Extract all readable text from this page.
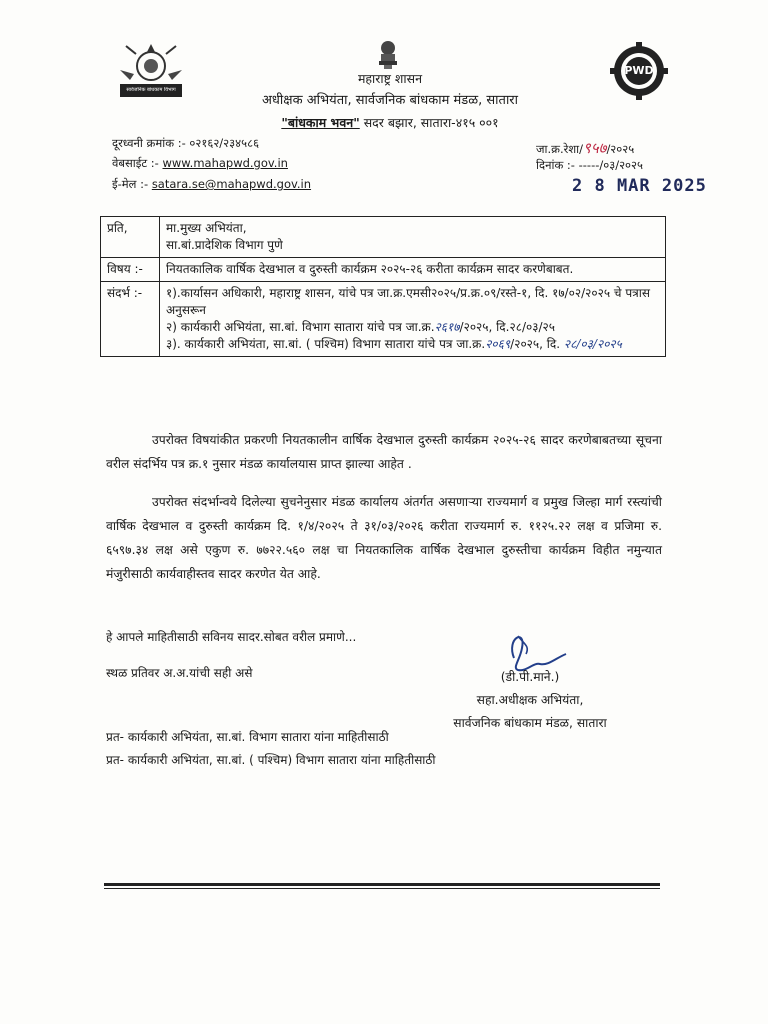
सार्वजनिक बांधकाम विभाग
PWD
महाराष्ट्र शासन
अधीक्षक अभियंता, सार्वजनिक बांधकाम मंडळ, सातारा
"बांधकाम भवन" सदर बझार, सातारा-४१५ ००१
दूरध्वनी क्रमांक :- ०२१६२/२३४५८६
वेबसाईट :- www.mahapwd.gov.in
ई-मेल :- satara.se@mahapwd.gov.in
जा.क्र.रेशा/९५७/२०२५
दिनांक :- -----/०३/२०२५
2 8 MAR 2025
प्रति,	मा.मुख्य अभियंता,
सा.बां.प्रादेशिक विभाग पुणे

विषय :-	नियतकालिक वार्षिक देखभाल व दुरुस्ती कार्यक्रम २०२५-२६ करीता कार्यक्रम सादर करणेबाबत.
संदर्भ :-	१).कार्यासन अधिकारी, महाराष्ट्र शासन, यांचे पत्र जा.क्र.एमसी२०२५/प्र.क्र.०९/रस्ते-१, दि. १७/०२/२०२५ चे पत्रास अनुसरून
२) कार्यकारी अभियंता, सा.बां. विभाग सातारा यांचे पत्र जा.क्र.२६१७/२०२५, दि.२८/०३/२५
३). कार्यकारी अभियंता, सा.बां. ( पश्चिम) विभाग सातारा यांचे पत्र जा.क्र.२०६९/२०२५, दि. २८/०३/२०२५
उपरोक्त विषयांकीत प्रकरणी नियतकालीन वार्षिक देखभाल दुरुस्ती कार्यक्रम २०२५-२६ सादर करणेबाबतच्या सूचना वरील संदर्भिय पत्र क्र.१ नुसार मंडळ कार्यालयास प्राप्त झाल्या आहेत .
उपरोक्त संदर्भान्वये दिलेल्या सुचनेनुसार मंडळ कार्यालय अंतर्गत असणाऱ्या राज्यमार्ग व प्रमुख जिल्हा मार्ग रस्त्यांची वार्षिक देखभाल व दुरुस्ती कार्यक्रम दि. १/४/२०२५ ते ३१/०३/२०२६ करीता राज्यमार्ग रु. ११२५.२२ लक्ष व प्रजिमा रु. ६५९७.३४ लक्ष असे एकुण रु. ७७२२.५६० लक्ष चा नियतकालिक वार्षिक देखभाल दुरुस्तीचा कार्यक्रम विहीत नमुन्यात मंजुरीसाठी कार्यवाहीस्तव सादर करणेत येत आहे.
हे आपले माहितीसाठी सविनय सादर.सोबत वरील प्रमाणे...
स्थळ प्रतिवर अ.अ.यांची सही असे	(डी.पी.माने.)
सहा.अधीक्षक अभियंता,
सार्वजनिक बांधकाम मंडळ, सातारा
प्रत- कार्यकारी अभियंता, सा.बां. विभाग सातारा यांना माहितीसाठी
प्रत- कार्यकारी अभियंता, सा.बां. ( पश्चिम) विभाग सातारा यांना माहितीसाठी
